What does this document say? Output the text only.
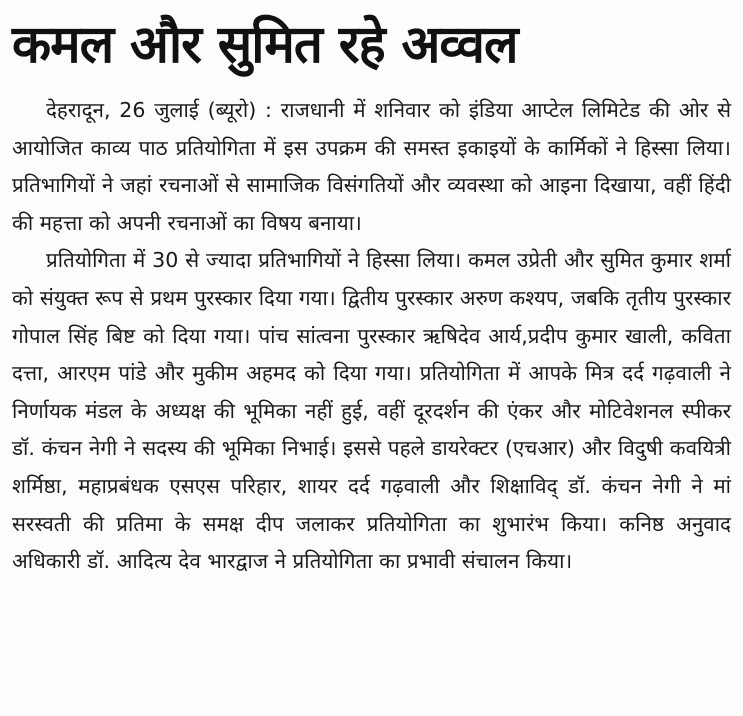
कमल और सुमित रहे अव्वल

देहरादून, 26 जुलाई (ब्यूरो) : राजधानी में शनिवार को इंडिया आप्टेल लिमिटेड की ओर से आयोजित काव्य पाठ प्रतियोगिता में इस उपक्रम की समस्त इकाइयों के कार्मिकों ने हिस्सा लिया। प्रतिभागियों ने जहां रचनाओं से सामाजिक विसंगतियों और व्यवस्था को आइना दिखाया, वहीं हिंदी की महत्ता को अपनी रचनाओं का विषय बनाया।

प्रतियोगिता में 30 से ज्यादा प्रतिभागियों ने हिस्सा लिया। कमल उप्रेती और सुमित कुमार शर्मा को संयुक्त रूप से प्रथम पुरस्कार दिया गया। द्वितीय पुरस्कार अरुण कश्यप, जबकि तृतीय पुरस्कार गोपाल सिंह बिष्ट को दिया गया। पांच सांत्वना पुरस्कार ऋषिदेव आर्य,प्रदीप कुमार खाली, कविता दत्ता, आरएम पांडे और मुकीम अहमद को दिया गया। प्रतियोगिता में आपके मित्र दर्द गढ़वाली ने निर्णायक मंडल के अध्यक्ष की भूमिका नहीं हुई, वहीं दूरदर्शन की एंकर और मोटिवेशनल स्पीकर डॉ. कंचन नेगी ने सदस्य की भूमिका निभाई। इससे पहले डायरेक्टर (एचआर) और विदुषी कवयित्री शर्मिष्ठा, महाप्रबंधक एसएस परिहार, शायर दर्द गढ़वाली और शिक्षाविद् डॉ. कंचन नेगी ने मां सरस्वती की प्रतिमा के समक्ष दीप जलाकर प्रतियोगिता का शुभारंभ किया। कनिष्ठ अनुवाद अधिकारी डॉ. आदित्य देव भारद्वाज ने प्रतियोगिता का प्रभावी संचालन किया।
